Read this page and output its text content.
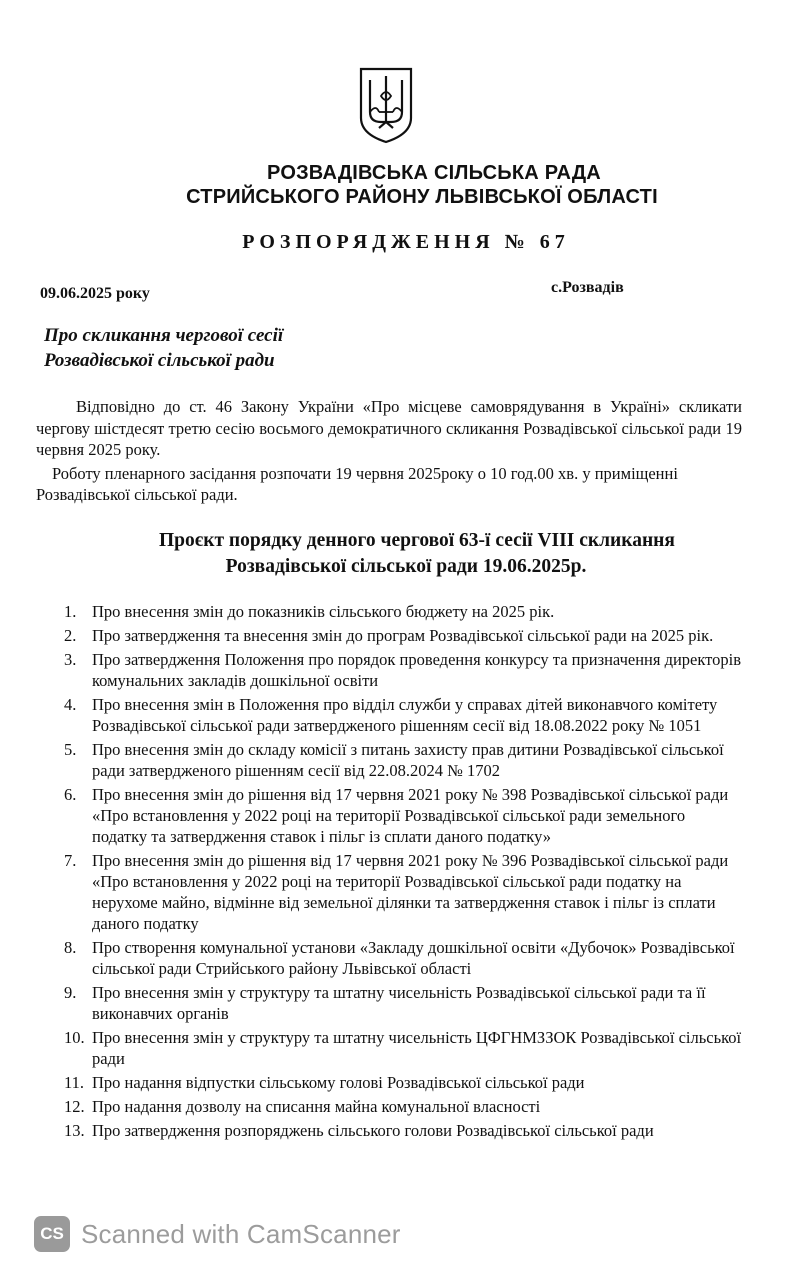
РОЗВАДІВСЬКА СІЛЬСЬКА РАДА
СТРИЙСЬКОГО РАЙОНУ ЛЬВІВСЬКОЇ ОБЛАСТІ
РОЗПОРЯДЖЕННЯ № 67
09.06.2025 року	с.Розвадів
Про скликання чергової сесії
Розвадівської сільської ради

Відповідно до ст. 46 Закону України «Про місцеве самоврядування в Україні» скликати чергову шістдесят третю сесію восьмого демократичного скликання Розвадівської сільської ради 19 червня 2025 року.

Роботу пленарного засідання розпочати 19 червня 2025року о 10 год.00 хв. у приміщенні Розвадівської сільської ради.

Проєкт порядку денного чергової 63-ї сесії VIII скликання
Розвадівської сільської ради 19.06.2025р.
1. Про внесення змін до показників сільського бюджету на 2025 рік.
2. Про затвердження та внесення змін до програм Розвадівської сільської ради на 2025 рік.
3. Про затвердження Положення про порядок проведення конкурсу та призначення директорів комунальних закладів дошкільної освіти
4. Про внесення змін в Положення про відділ служби у справах дітей виконавчого комітету Розвадівської сільської ради затвердженого рішенням сесії від 18.08.2022 року № 1051
5. Про внесення змін до складу комісії з питань захисту прав дитини Розвадівської сільської ради затвердженого рішенням сесії від 22.08.2024 № 1702
6. Про внесення змін до рішення від 17 червня 2021 року № 398 Розвадівської сільської ради «Про встановлення у 2022 році на території Розвадівської сільської ради земельного податку та затвердження ставок і пільг із сплати даного податку»
7. Про внесення змін до рішення від 17 червня 2021 року № 396 Розвадівської сільської ради «Про встановлення у 2022 році на території Розвадівської сільської ради податку на нерухоме майно, відмінне від земельної ділянки та затвердження ставок і пільг із сплати даного податку
8. Про створення комунальної установи «Закладу дошкільної освіти «Дубочок» Розвадівської сільської ради Стрийського району Львівської області
9. Про внесення змін у структуру та штатну чисельність Розвадівської сільської ради та її виконавчих органів
10. Про внесення змін у структуру та штатну чисельність ЦФГНМЗЗОК Розвадівської сільської ради
11. Про надання відпустки сільському голові Розвадівської сільської ради
12. Про надання дозволу на списання майна комунальної власності
13. Про затвердження розпоряджень сільського голови Розвадівської сільської ради
CS Scanned with CamScanner
